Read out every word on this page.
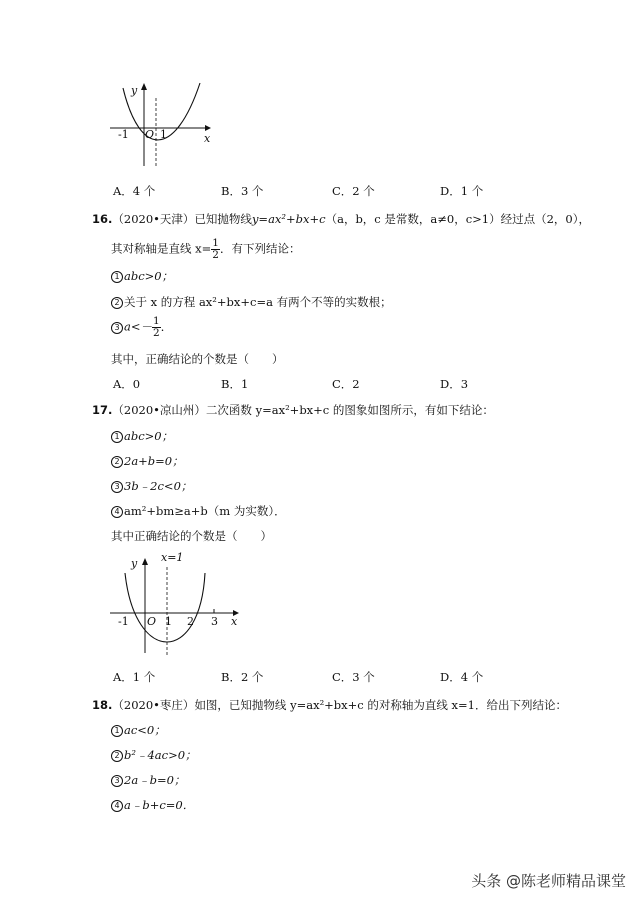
y
x
O
-1	1
A．4 个	B．3 个	C．2 个	D．1 个
16.（2020•天津）已知抛物线y=ax²+bx+c（a，b，c 是常数，a≠0，c>1）经过点（2，0），
其对称轴是直线 $x= \frac{1}{2}$ ．有下列结论：
1 abc>0；
2 关于 x 的方程 ax²+bx+c=a 有两个不等的实数根；
3 $a<- \frac{1}{2}$ ．
其中，正确结论的个数是（　　）
A．0	B．1	C．2	D．3
17.（2020•凉山州）二次函数 y=ax²+bx+c 的图象如图所示，有如下结论：
1 abc>0；
2 2a+b=0；
3 3b﹣2c<0；
4 am²+bm≥a+b（m 为实数）．
其中正确结论的个数是（　　）
y x=1
x
O
-1	1 2 3
A．1 个	B．2 个	C．3 个	D．4 个
18.（2020•枣庄）如图，已知抛物线 y=ax²+bx+c 的对称轴为直线 x=1．给出下列结论：
1 ac<0；
2 b²﹣4ac>0；
3 2a﹣b=0；
4 a﹣b+c=0．
头条 @陈老师精品课堂
